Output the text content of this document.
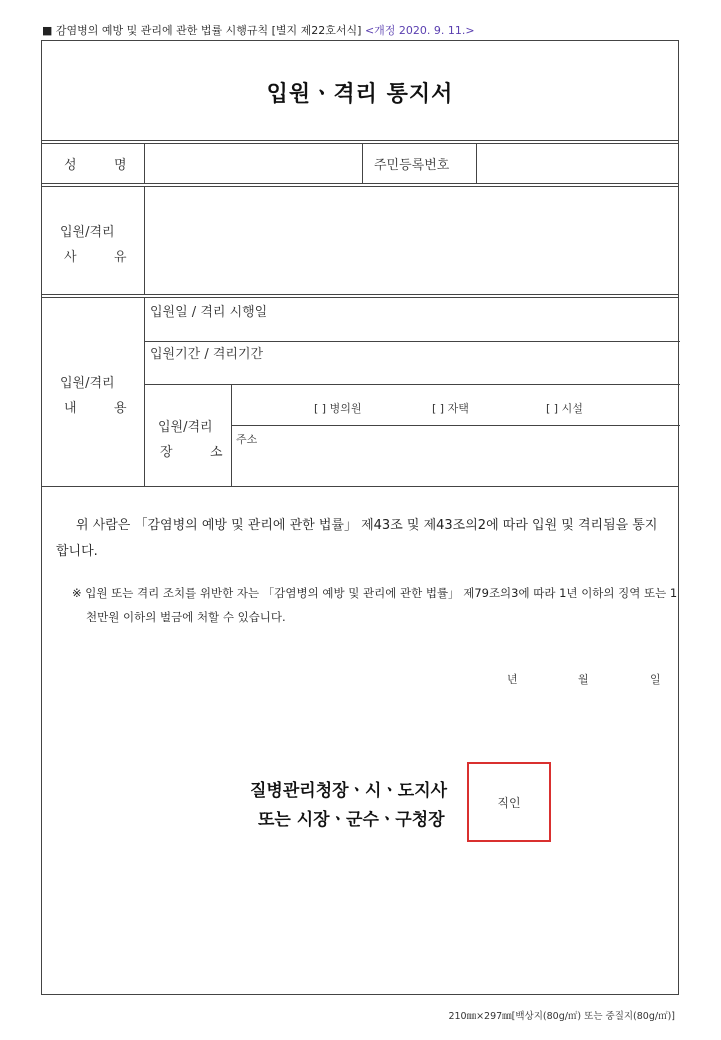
■ 감염병의 예방 및 관리에 관한 법률 시행규칙 [별지 제22호서식] <개정 2020. 9. 11.>
입원ㆍ격리 통지서
성	명	주민등록번호
입원/격리
사	유
입원/격리
내	용
입원일 / 격리 시행일
입원기간 / 격리기간
입원/격리
장	소
[ ] 병의원	[ ] 자택	[ ] 시설
주소
위 사람은 「감염병의 예방 및 관리에 관한 법률」 제43조 및 제43조의2에 따라 입원 및 격리됨을 통지합니다.
※ 입원 또는 격리 조치를 위반한 자는 「감염병의 예방 및 관리에 관한 법률」 제79조의3에 따라 1년 이하의 징역 또는 1천만원 이하의 벌금에 처할 수 있습니다.
년	월	일
질병관리청장ㆍ시ㆍ도지사
또는 시장ㆍ군수ㆍ구청장
직인
210㎜×297㎜[백상지(80g/㎡) 또는 중질지(80g/㎡)]
